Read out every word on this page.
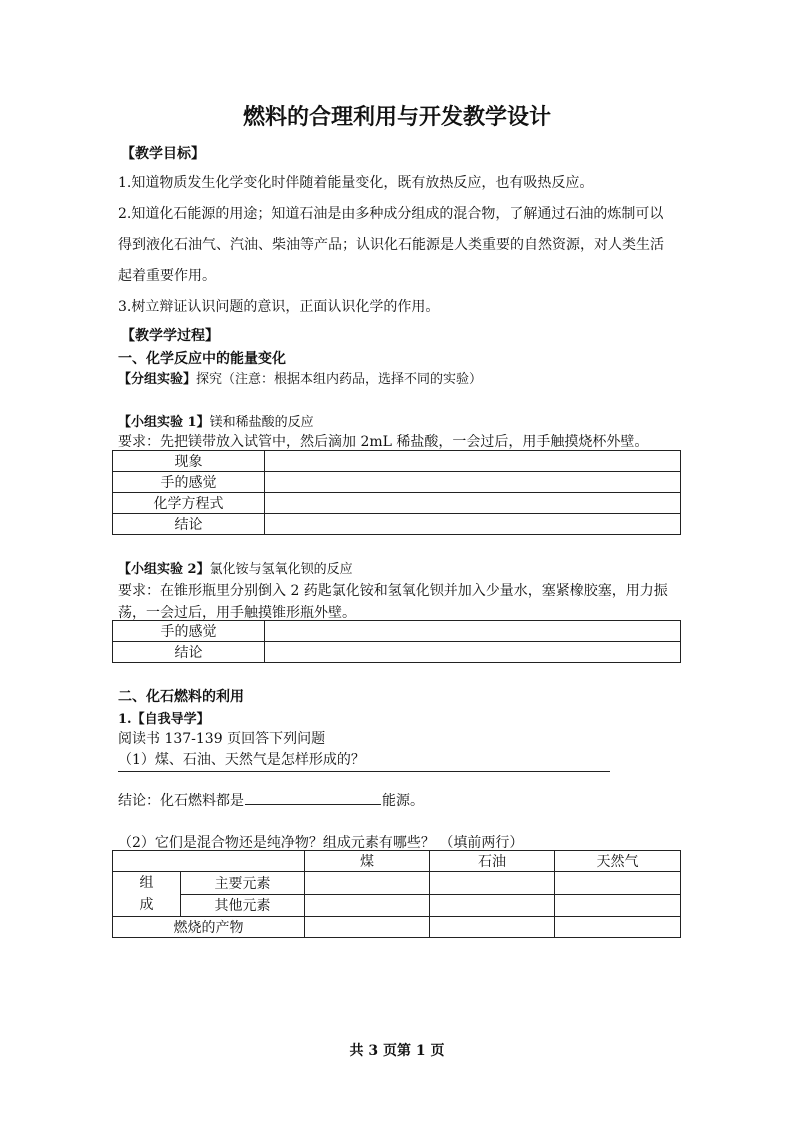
燃料的合理利用与开发教学设计
【教学目标】
1.知道物质发生化学变化时伴随着能量变化，既有放热反应，也有吸热反应。
2.知道化石能源的用途；知道石油是由多种成分组成的混合物，了解通过石油的炼制可以
得到液化石油气、汽油、柴油等产品；认识化石能源是人类重要的自然资源，对人类生活
起着重要作用。
3.树立辩证认识问题的意识，正面认识化学的作用。
【教学学过程】
一、化学反应中的能量变化
【分组实验】探究（注意：根据本组内药品，选择不同的实验）
【小组实验 1】镁和稀盐酸的反应
要求：先把镁带放入试管中，然后滴加 2mL 稀盐酸，一会过后，用手触摸烧杯外壁。
现象	
手的感觉	
化学方程式	
结论	
【小组实验 2】氯化铵与氢氧化钡的反应
要求：在锥形瓶里分别倒入 2 药匙氯化铵和氢氧化钡并加入少量水，塞紧橡胶塞，用力振
荡，一会过后，用手触摸锥形瓶外壁。
手的感觉	
结论	
二、化石燃料的利用
1.【自我导学】
阅读书 137-139 页回答下列问题
（1）煤、石油、天然气是怎样形成的？
结论：化石燃料都是	能源。
（2）它们是混合物还是纯净物？组成元素有哪些？ （填前两行）
		煤	石油	天然气
组
成	主要元素			
	其他元素			
燃烧的产物				
共 3 页第 1 页
